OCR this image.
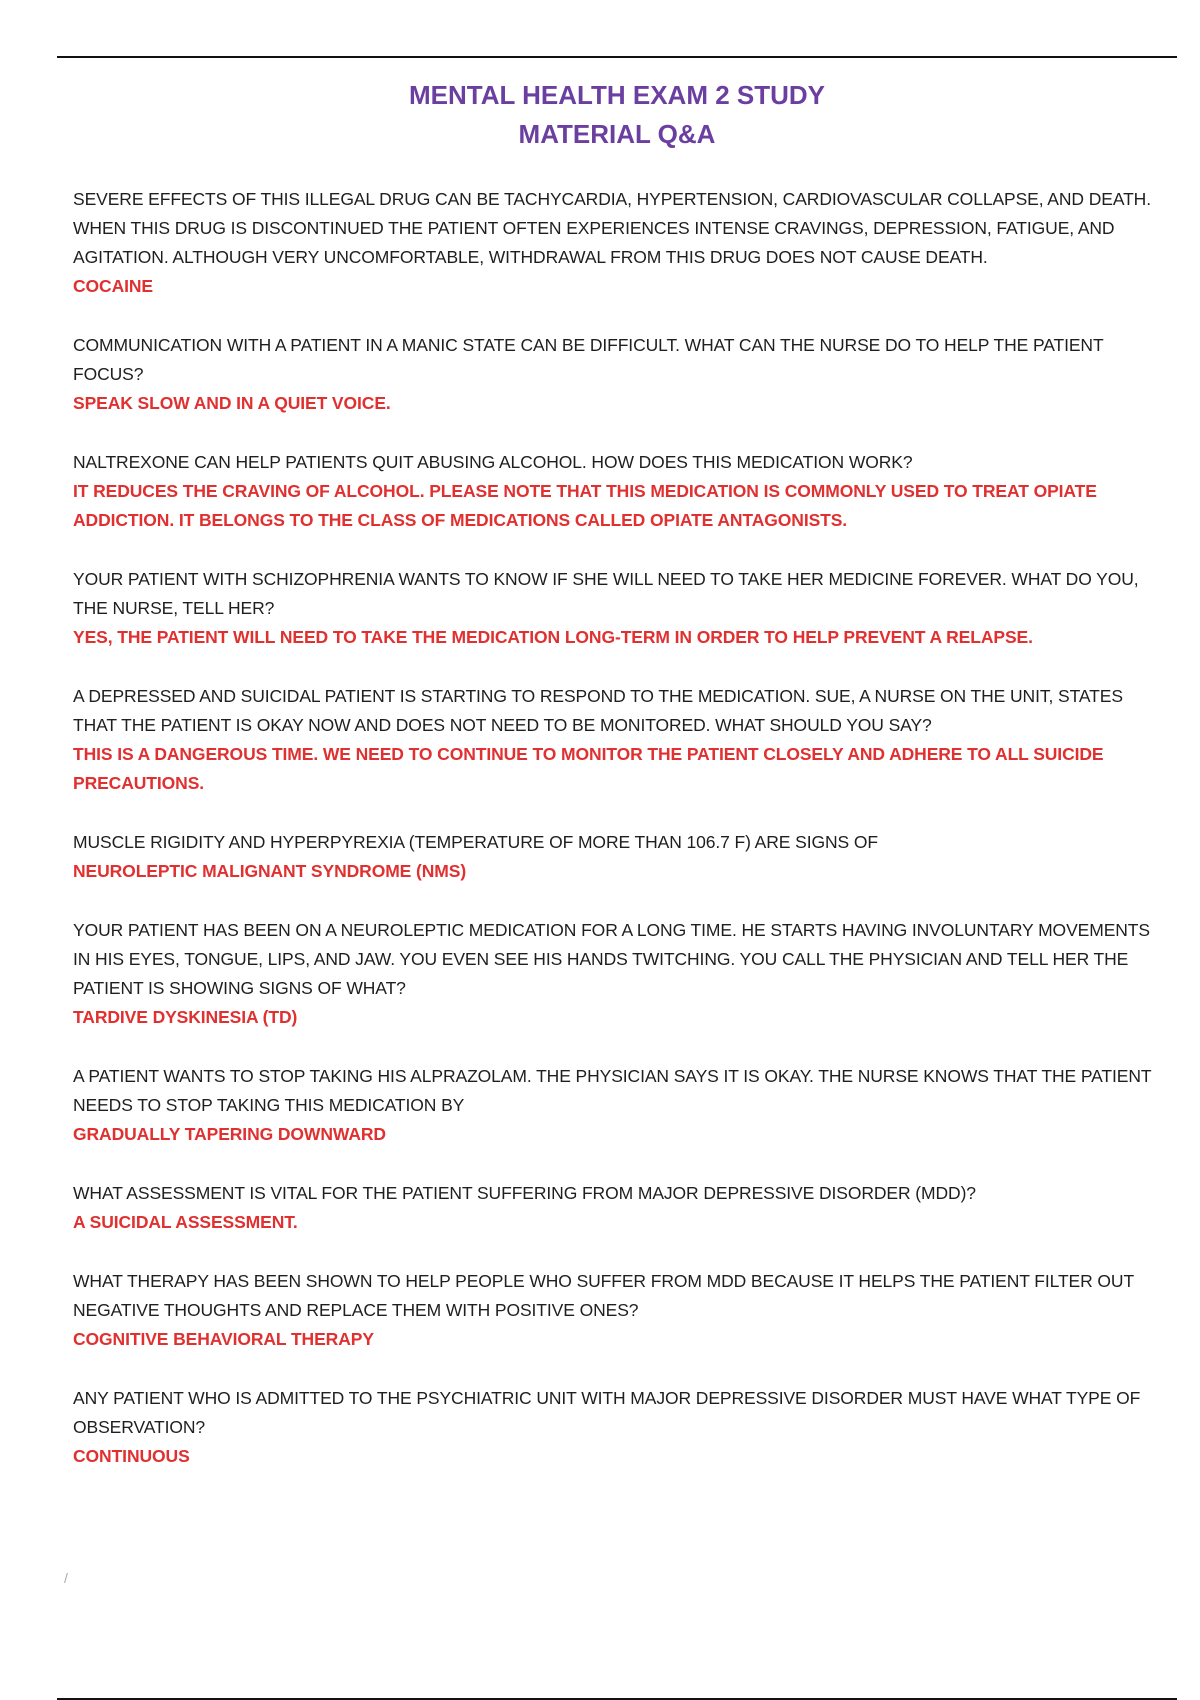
MENTAL HEALTH EXAM 2 STUDY
MATERIAL Q&A
SEVERE EFFECTS OF THIS ILLEGAL DRUG CAN BE TACHYCARDIA, HYPERTENSION, CARDIOVASCULAR COLLAPSE, AND DEATH. WHEN THIS DRUG IS DISCONTINUED THE PATIENT OFTEN EXPERIENCES INTENSE CRAVINGS, DEPRESSION, FATIGUE, AND AGITATION. ALTHOUGH VERY UNCOMFORTABLE, WITHDRAWAL FROM THIS DRUG DOES NOT CAUSE DEATH.
COCAINE
COMMUNICATION WITH A PATIENT IN A MANIC STATE CAN BE DIFFICULT. WHAT CAN THE NURSE DO TO HELP THE PATIENT FOCUS?
SPEAK SLOW AND IN A QUIET VOICE.
NALTREXONE CAN HELP PATIENTS QUIT ABUSING ALCOHOL. HOW DOES THIS MEDICATION WORK?
IT REDUCES THE CRAVING OF ALCOHOL. PLEASE NOTE THAT THIS MEDICATION IS COMMONLY USED TO TREAT OPIATE ADDICTION. IT BELONGS TO THE CLASS OF MEDICATIONS CALLED OPIATE ANTAGONISTS.
YOUR PATIENT WITH SCHIZOPHRENIA WANTS TO KNOW IF SHE WILL NEED TO TAKE HER MEDICINE FOREVER. WHAT DO YOU, THE NURSE, TELL HER?
YES, THE PATIENT WILL NEED TO TAKE THE MEDICATION LONG-TERM IN ORDER TO HELP PREVENT A RELAPSE.
A DEPRESSED AND SUICIDAL PATIENT IS STARTING TO RESPOND TO THE MEDICATION. SUE, A NURSE ON THE UNIT, STATES THAT THE PATIENT IS OKAY NOW AND DOES NOT NEED TO BE MONITORED. WHAT SHOULD YOU SAY?
THIS IS A DANGEROUS TIME. WE NEED TO CONTINUE TO MONITOR THE PATIENT CLOSELY AND ADHERE TO ALL SUICIDE PRECAUTIONS.
MUSCLE RIGIDITY AND HYPERPYREXIA (TEMPERATURE OF MORE THAN 106.7 F) ARE SIGNS OF
NEUROLEPTIC MALIGNANT SYNDROME (NMS)
YOUR PATIENT HAS BEEN ON A NEUROLEPTIC MEDICATION FOR A LONG TIME. HE STARTS HAVING INVOLUNTARY MOVEMENTS IN HIS EYES, TONGUE, LIPS, AND JAW. YOU EVEN SEE HIS HANDS TWITCHING. YOU CALL THE PHYSICIAN AND TELL HER THE PATIENT IS SHOWING SIGNS OF WHAT?
TARDIVE DYSKINESIA (TD)
A PATIENT WANTS TO STOP TAKING HIS ALPRAZOLAM. THE PHYSICIAN SAYS IT IS OKAY. THE NURSE KNOWS THAT THE PATIENT NEEDS TO STOP TAKING THIS MEDICATION BY
GRADUALLY TAPERING DOWNWARD
WHAT ASSESSMENT IS VITAL FOR THE PATIENT SUFFERING FROM MAJOR DEPRESSIVE DISORDER (MDD)?
A SUICIDAL ASSESSMENT.
WHAT THERAPY HAS BEEN SHOWN TO HELP PEOPLE WHO SUFFER FROM MDD BECAUSE IT HELPS THE PATIENT FILTER OUT NEGATIVE THOUGHTS AND REPLACE THEM WITH POSITIVE ONES?
COGNITIVE BEHAVIORAL THERAPY
ANY PATIENT WHO IS ADMITTED TO THE PSYCHIATRIC UNIT WITH MAJOR DEPRESSIVE DISORDER MUST HAVE WHAT TYPE OF OBSERVATION?
CONTINUOUS
/
